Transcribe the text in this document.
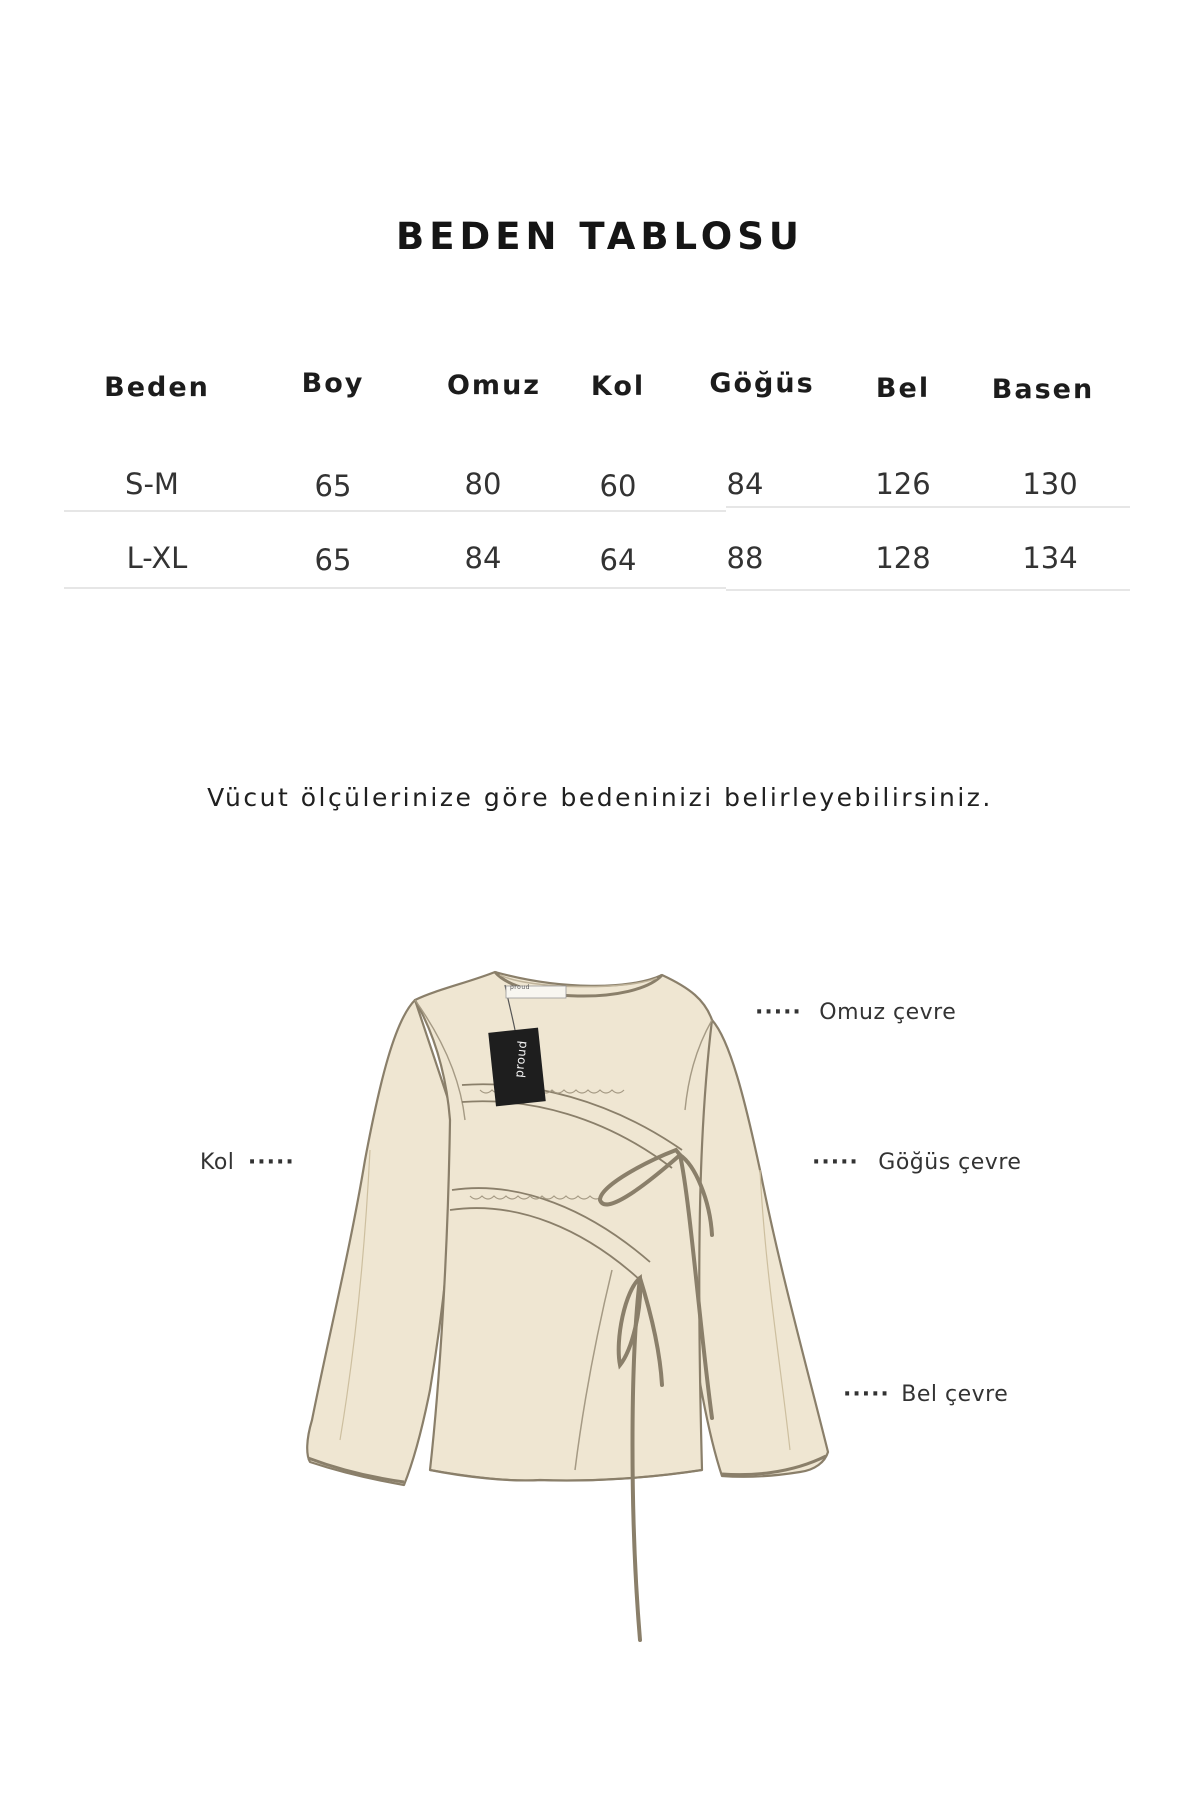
BEDEN TABLOSU
Beden	Boy	Omuz Kol Göğüs Bel Basen
S-M	65	80	60	84	126	130
L-XL	65	84	64	88	128	134
Vücut ölçülerinize göre bedeninizi belirleyebilirsiniz.
proud
proud
····· Omuz çevre
Kol ·····	····· Göğüs çevre
····· Bel çevre
